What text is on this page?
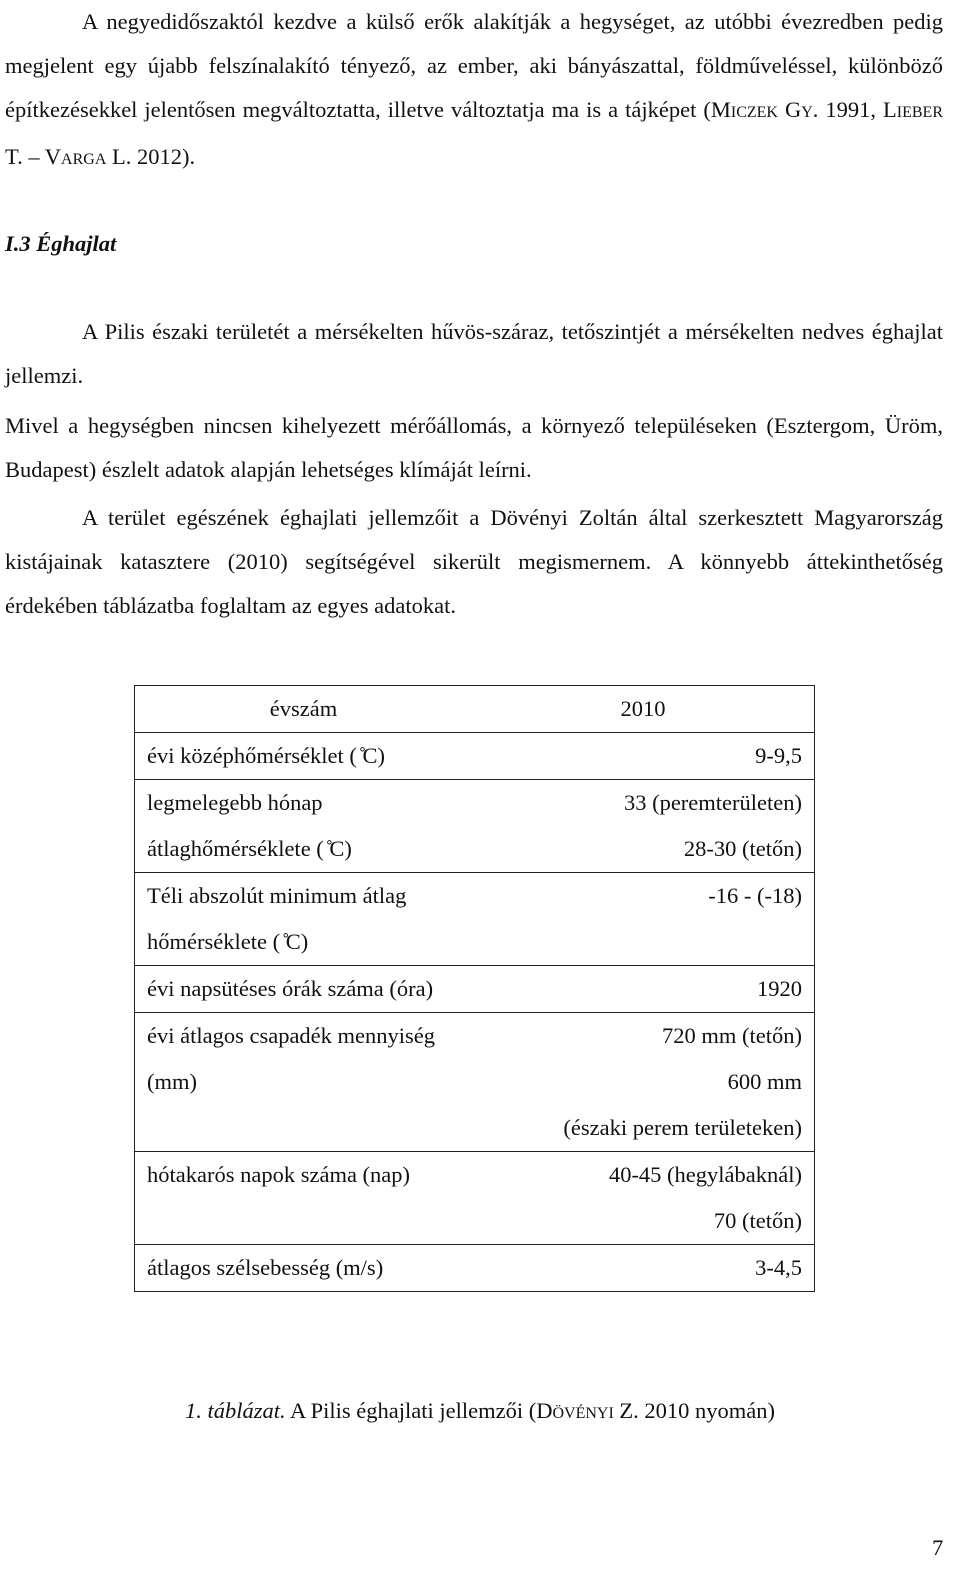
A negyedidőszaktól kezdve a külső erők alakítják a hegységet, az utóbbi évezredben pedig megjelent egy újabb felszínalakító tényező, az ember, aki bányászattal, földműveléssel, különböző építkezésekkel jelentősen megváltoztatta, illetve változtatja ma is a tájképet (MICZEK GY. 1991, LIEBER T. – VARGA L. 2012).

I.3 Éghajlat

A Pilis északi területét a mérsékelten hűvös-száraz, tetőszintjét a mérsékelten nedves éghajlat jellemzi.

Mivel a hegységben nincsen kihelyezett mérőállomás, a környező településeken (Esztergom, Üröm, Budapest) észlelt adatok alapján lehetséges klímáját leírni.

A terület egészének éghajlati jellemzőit a Dövényi Zoltán által szerkesztett Magyarország kistájainak katasztere (2010) segítségével sikerült megismernem. A könnyebb áttekinthetőség érdekében táblázatba foglaltam az egyes adatokat.

évszám	2010
évi középhőmérséklet ( ̊C)	9-9,5

legmelegebb hónap átlaghőmérséklete ( ̊C)	33 (peremterületen)
28-30 (tetőn)

Téli abszolút minimum átlag hőmérséklete ( ̊C)	-16 - (-18)

évi napsütéses órák száma (óra)	1920

évi átlagos csapadék mennyiség (mm)	720 mm (tetőn)
600 mm
(északi perem területeken)

hótakarós napok száma (nap)	40-45 (hegylábaknál)
70 (tetőn)

átlagos szélsebesség (m/s)	3-4,5

1. táblázat. A Pilis éghajlati jellemzői (DÖVÉNYI Z. 2010 nyomán)

7
